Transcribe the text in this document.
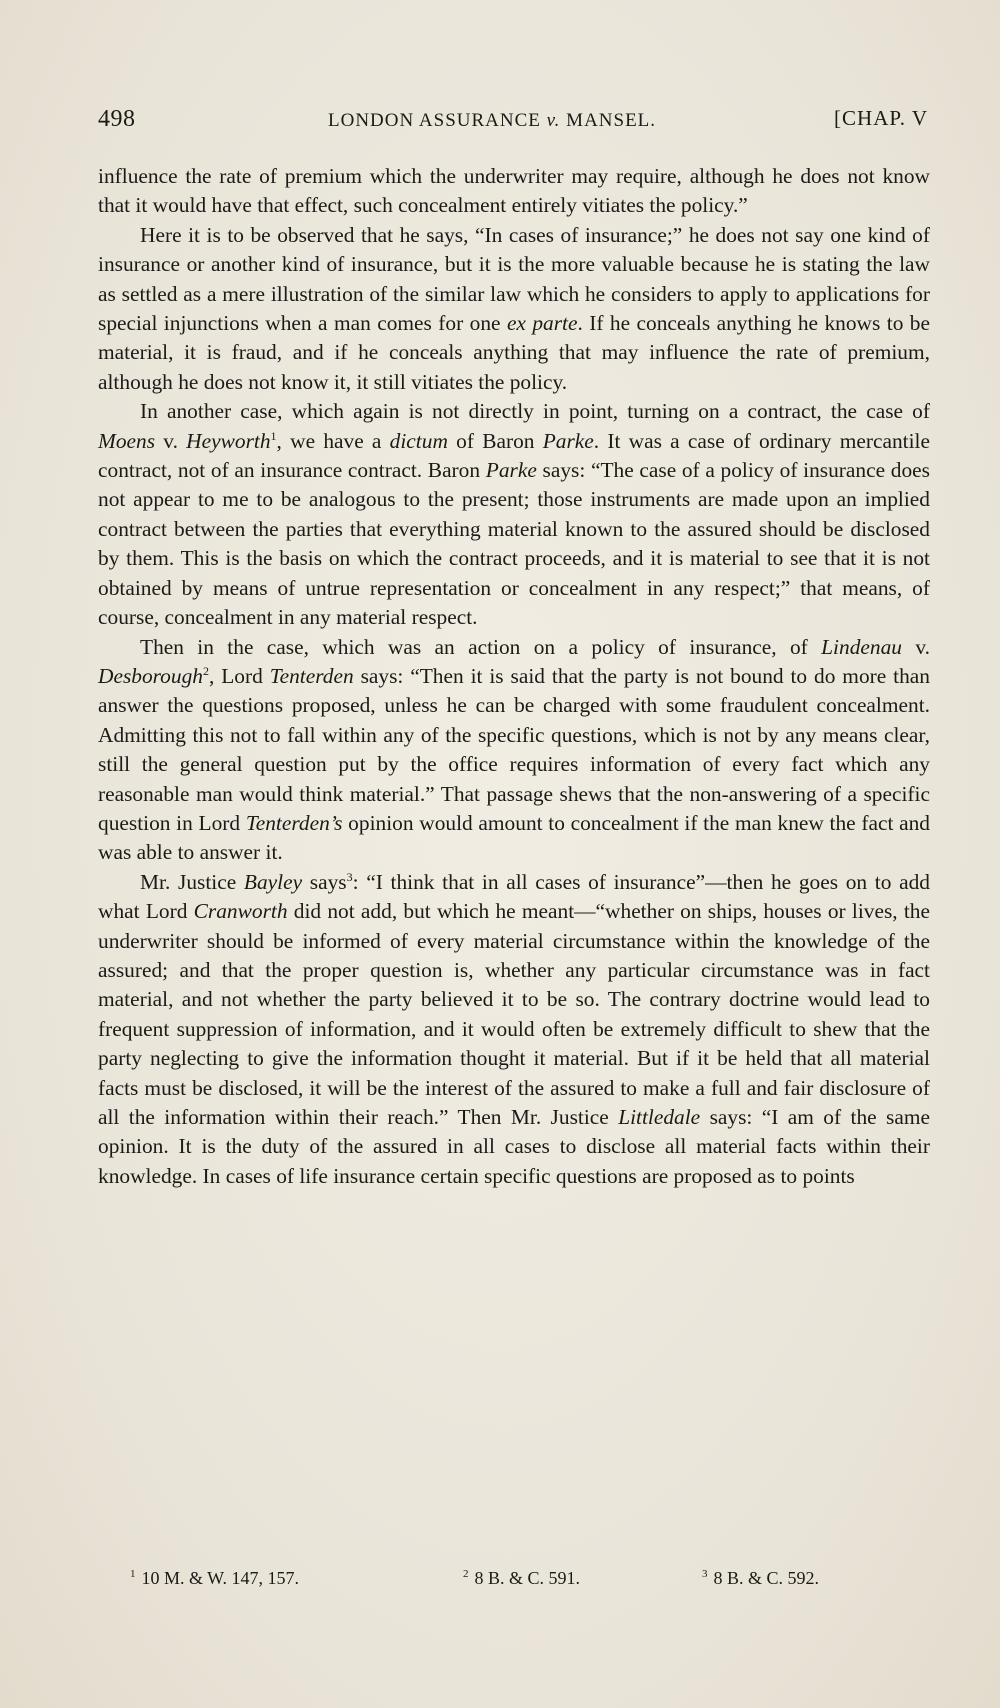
498	LONDON ASSURANCE v. MANSEL.	[CHAP. V

influence the rate of premium which the underwriter may require, although he does not know that it would have that effect, such concealment entirely vitiates the policy.”

Here it is to be observed that he says, “In cases of insurance;” he does not say one kind of insurance or another kind of insurance, but it is the more valuable because he is stating the law as settled as a mere illustration of the similar law which he considers to apply to applications for special injunctions when a man comes for one ex parte. If he conceals anything he knows to be material, it is fraud, and if he conceals anything that may influence the rate of premium, although he does not know it, it still vitiates the policy.

In another case, which again is not directly in point, turning on a contract, the case of Moens v. Heyworth$^1$, we have a dictum of Baron Parke. It was a case of ordinary mercantile contract, not of an insurance contract. Baron Parke says: “The case of a policy of insurance does not appear to me to be analogous to the present; those instruments are made upon an implied contract between the parties that everything material known to the assured should be disclosed by them. This is the basis on which the contract proceeds, and it is material to see that it is not obtained by means of untrue representation or concealment in any respect;” that means, of course, concealment in any material respect.

Then in the case, which was an action on a policy of insurance, of Lindenau v. Desborough$^2$, Lord Tenterden says: “Then it is said that the party is not bound to do more than answer the questions proposed, unless he can be charged with some fraudulent concealment. Admitting this not to fall within any of the specific questions, which is not by any means clear, still the general question put by the office requires information of every fact which any reasonable man would think material.” That passage shews that the non-answering of a specific question in Lord Tenterden’s opinion would amount to concealment if the man knew the fact and was able to answer it.

Mr. Justice Bayley says$^3$: “I think that in all cases of insurance”—then he goes on to add what Lord Cranworth did not add, but which he meant—“whether on ships, houses or lives, the underwriter should be informed of every material circumstance within the knowledge of the assured; and that the proper question is, whether any particular circumstance was in fact material, and not whether the party believed it to be so. The contrary doctrine would lead to frequent suppression of information, and it would often be extremely difficult to shew that the party neglecting to give the information thought it material. But if it be held that all material facts must be disclosed, it will be the interest of the assured to make a full and fair disclosure of all the information within their reach.” Then Mr. Justice Littledale says: “I am of the same opinion. It is the duty of the assured in all cases to disclose all material facts within their knowledge. In cases of life insurance certain specific questions are proposed as to points

$^1$ 10 M. & W. 147, 157.	$^2$ 8 B. & C. 591.	$^3$ 8 B. & C. 592.
